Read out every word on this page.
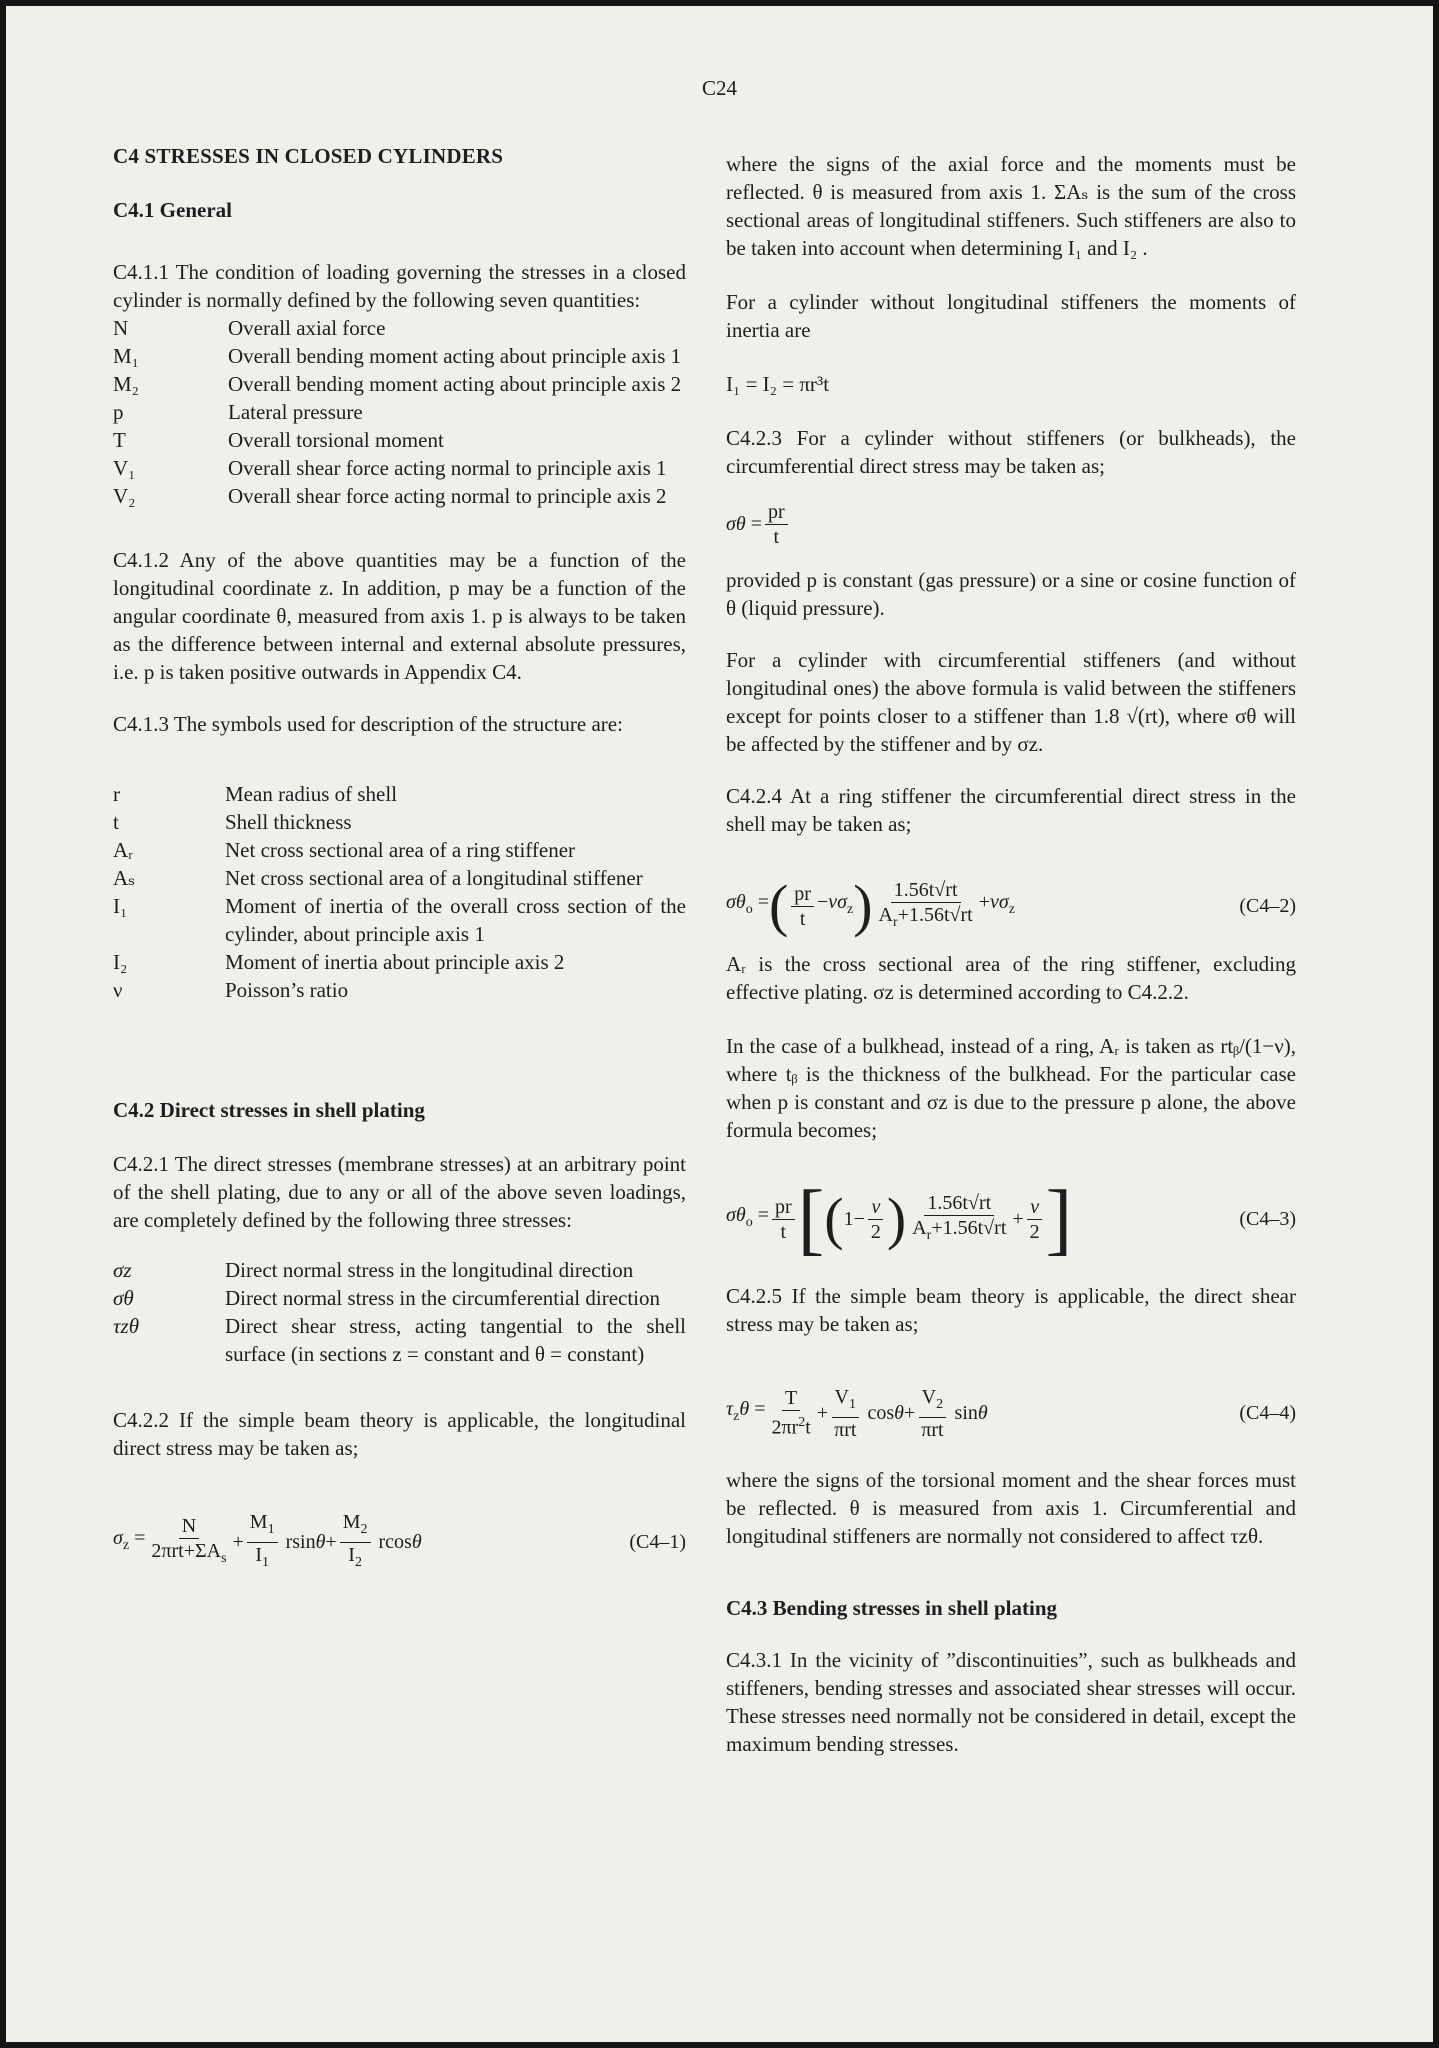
C24
C4 STRESSES IN CLOSED CYLINDERS
C4.1 General

C4.1.1 The condition of loading governing the stresses in a closed cylinder is normally defined by the following seven quantities:

N	Overall axial force
M₁	Overall bending moment acting about principle axis 1
M₂	Overall bending moment acting about principle axis 2
p	Lateral pressure
T	Overall torsional moment
V₁	Overall shear force acting normal to principle axis 1
V₂	Overall shear force acting normal to principle axis 2

C4.1.2 Any of the above quantities may be a function of the longitudinal coordinate z. In addition, p may be a function of the angular coordinate θ, measured from axis 1. p is always to be taken as the difference between internal and external absolute pressures, i.e. p is taken positive outwards in Appendix C4.

C4.1.3 The symbols used for description of the structure are:

r	Mean radius of shell
t	Shell thickness
Aᵣ	Net cross sectional area of a ring stiffener
Aₛ	Net cross sectional area of a longitudinal stiffener
I₁	Moment of inertia of the overall cross section of the cylinder, about principle axis 1
I₂	Moment of inertia about principle axis 2
ν	Poisson’s ratio
C4.2 Direct stresses in shell plating

C4.2.1 The direct stresses (membrane stresses) at an arbitrary point of the shell plating, due to any or all of the above seven loadings, are completely defined by the following three stresses:

σz	Direct normal stress in the longitudinal direction
σθ	Direct normal stress in the circumferential direction
τzθ	Direct shear stress, acting tangential to the shell surface (in sections z = constant and θ = constant)

C4.2.2 If the simple beam theory is applicable, the longitudinal direct stress may be taken as;

$\sigma_z = \frac{N}{2\pi rt+\Sigma A_s} + \frac{M_1}{I_1} rsin\theta+ \frac{M_2}{I_2}$ rcosθ	(C4–1)

where the signs of the axial force and the moments must be reflected. θ is measured from axis 1. ΣAₛ is the sum of the cross sectional areas of longitudinal stiffeners. Such stiffeners are also to be taken into account when determining I₁ and I₂ .

For a cylinder without longitudinal stiffeners the moments of inertia are

I₁ = I₂ = πr³t

C4.2.3 For a cylinder without stiffeners (or bulkheads), the circumferential direct stress may be taken as;

$\sigma\theta = \frac{pr}{t}$

provided p is constant (gas pressure) or a sine or cosine function of θ (liquid pressure).

For a cylinder with circumferential stiffeners (and without longitudinal ones) the above formula is valid between the stiffeners except for points closer to a stiffener than 1.8 √(rt), where σθ will be affected by the stiffener and by σz.

C4.2.4 At a ring stiffener the circumferential direct stress in the shell may be taken as;

$\sigma\theta_o$ = ( $\frac{pr}{t} -\nu\sigma_z$ ) $\frac{1.56t√rt}{A_r+1.56t√rt} +\nu\sigma_z$	(C4–2)

Aᵣ is the cross sectional area of the ring stiffener, excluding effective plating. σz is determined according to C4.2.2.

In the case of a bulkhead, instead of a ring, Aᵣ is taken as rtᵦ/(1−ν), where tᵦ is the thickness of the bulkhead. For the particular case when p is constant and σz is due to the pressure p alone, the above formula becomes;

$\sigma\theta_o = \frac{pr}{t}$ [ ( $1- \frac{\nu}{2}$ ) $\frac{1.56t√rt}{A_r+1.56t√rt} + \frac{\nu}{2}$ ]	(C4–3)

C4.2.5 If the simple beam theory is applicable, the direct shear stress may be taken as;

$\tau_z\theta = \frac{T}{2\pi r^2t} + \frac{V_1}{\text{πrt}} \cos\theta+ \frac{V_2}{\text{πrt}}$ sinθ	(C4–4)

where the signs of the torsional moment and the shear forces must be reflected. θ is measured from axis 1. Circumferential and longitudinal stiffeners are normally not considered to affect τzθ.

C4.3 Bending stresses in shell plating

C4.3.1 In the vicinity of ”discontinuities”, such as bulkheads and stiffeners, bending stresses and associated shear stresses will occur. These stresses need normally not be considered in detail, except the maximum bending stresses.
